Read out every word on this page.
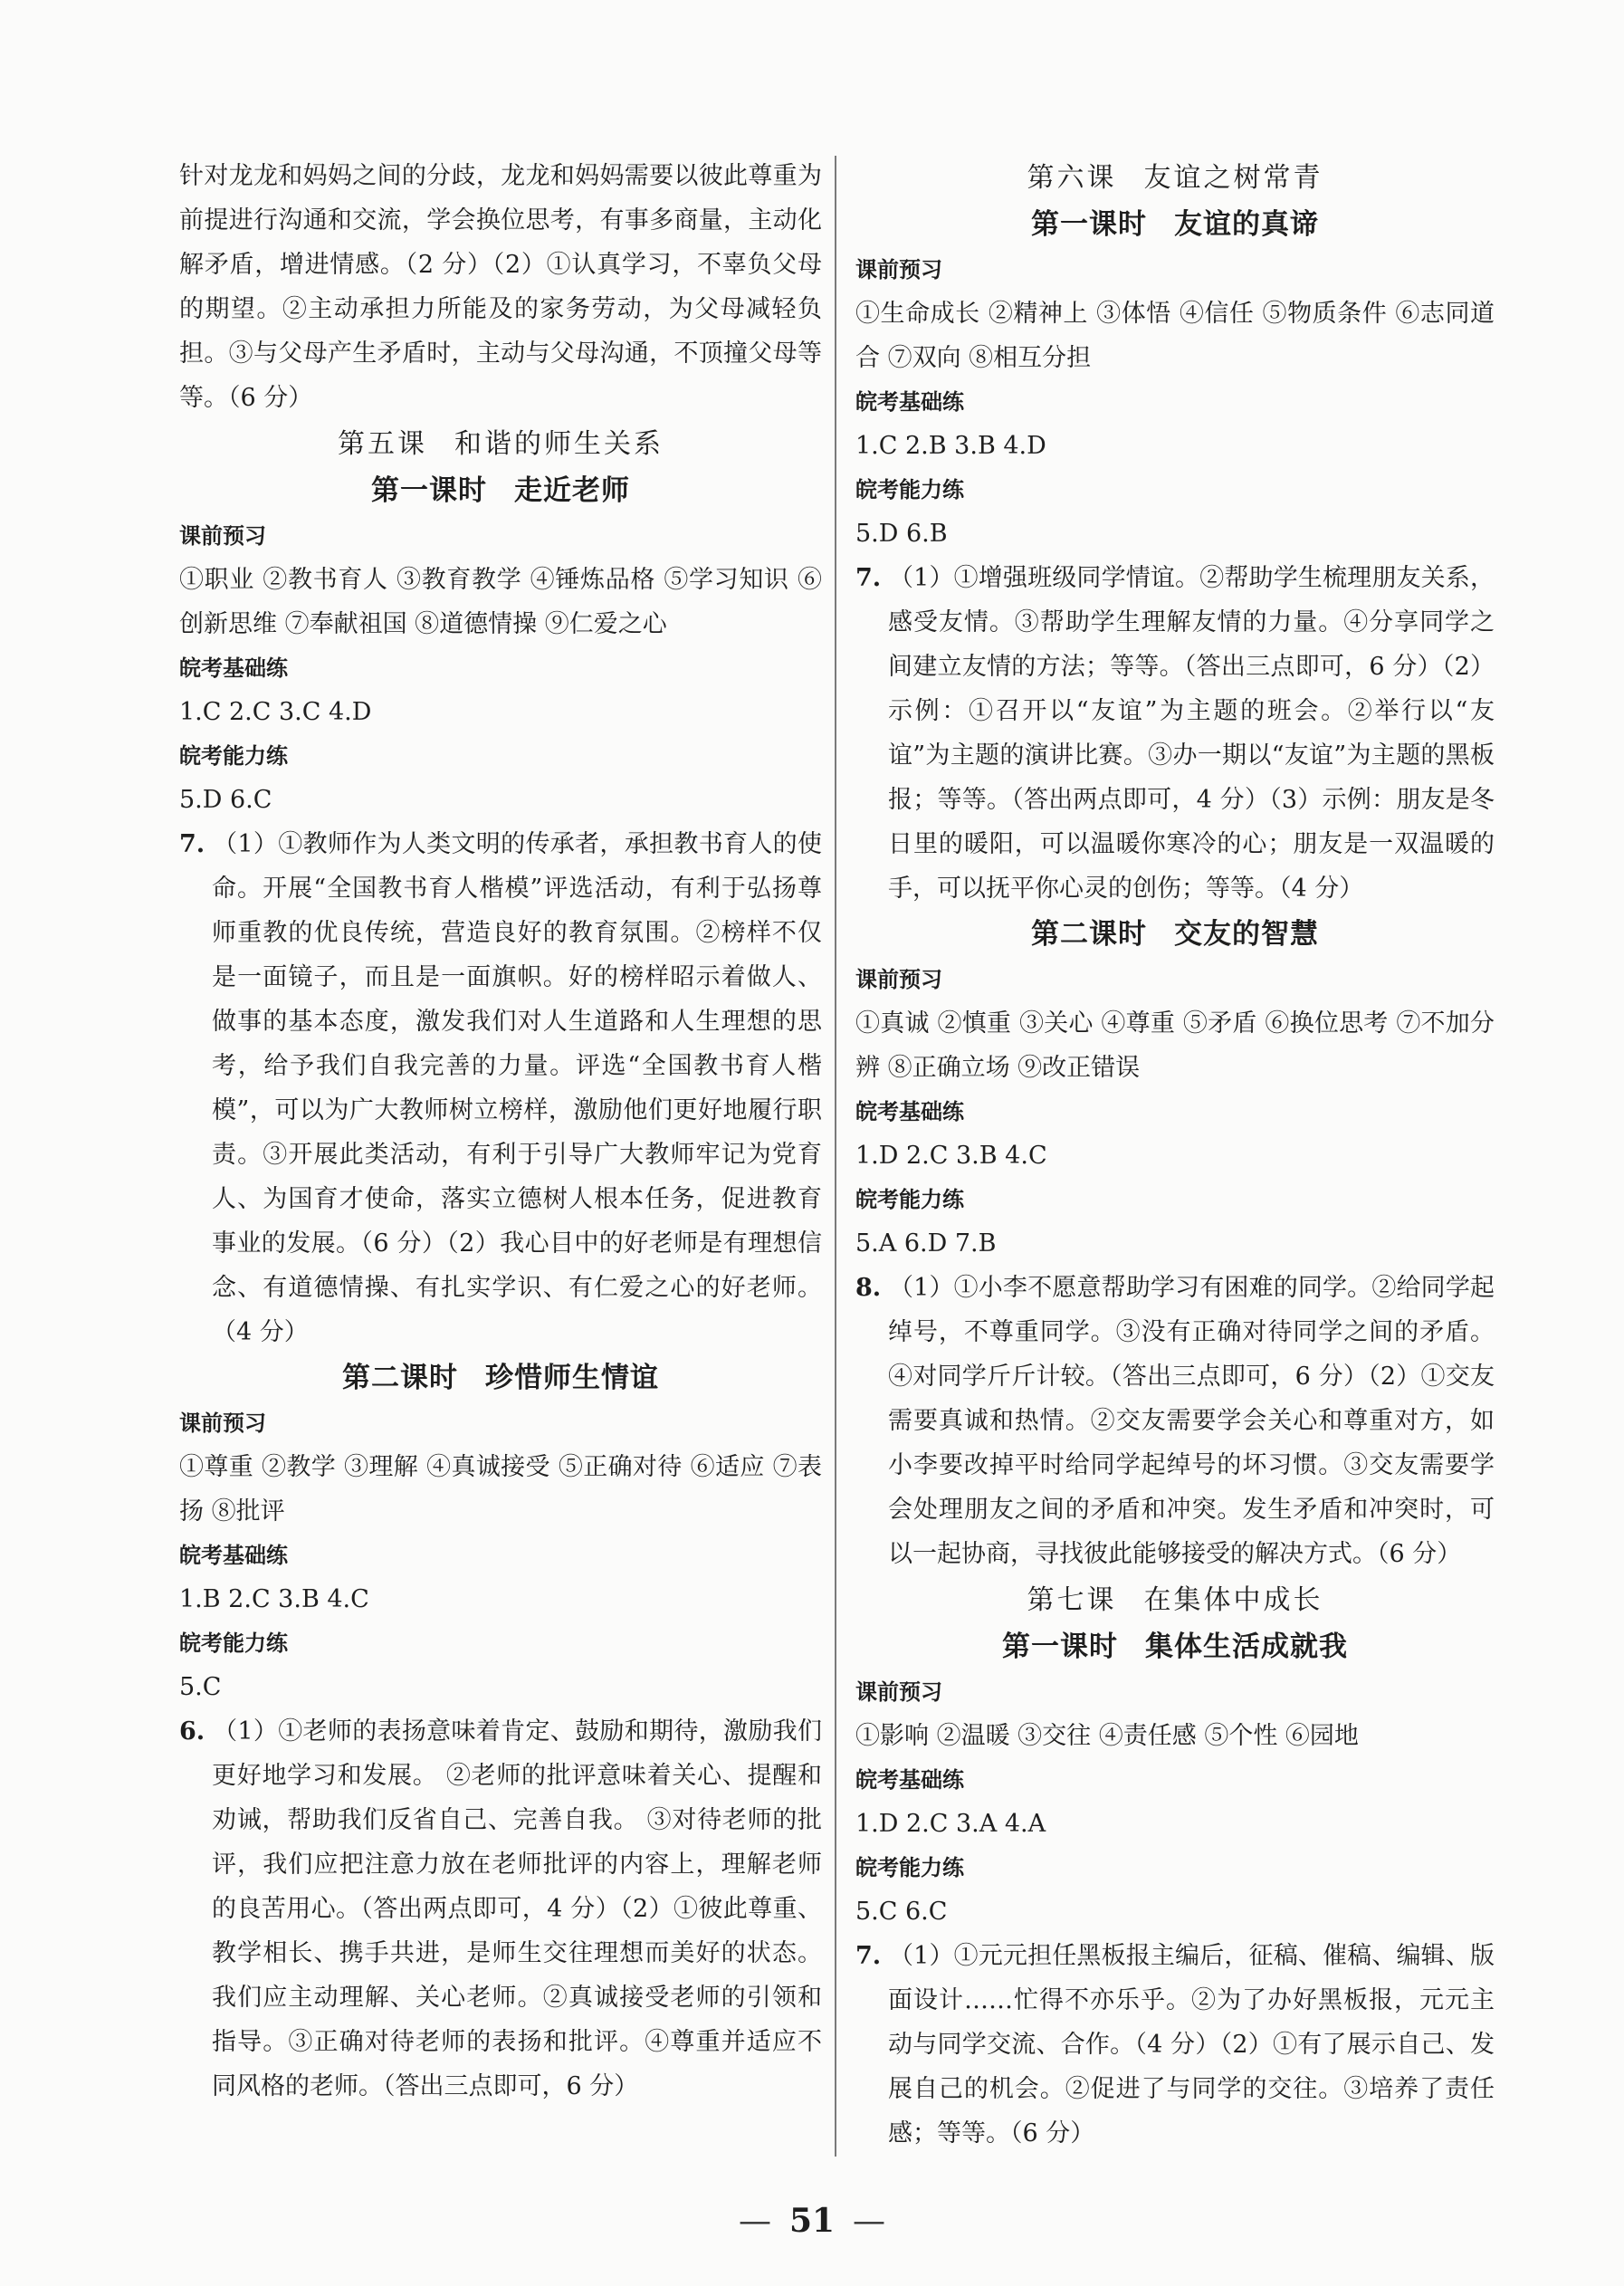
针对龙龙和妈妈之间的分歧，龙龙和妈妈需要以彼此尊重为前提进行沟通和交流，学会换位思考，有事多商量，主动化解矛盾，增进情感。（2 分）（2）①认真学习，不辜负父母的期望。②主动承担力所能及的家务劳动，为父母减轻负担。③与父母产生矛盾时，主动与父母沟通，不顶撞父母等等。（6 分）
第五课 和谐的师生关系
第一课时 走近老师
课前预习
①职业 ②教书育人 ③教育教学 ④锤炼品格 ⑤学习知识 ⑥创新思维 ⑦奉献祖国 ⑧道德情操 ⑨仁爱之心
皖考基础练
1.C 2.C 3.C 4.D
皖考能力练
5.D 6.C
7. （1）①教师作为人类文明的传承者，承担教书育人的使命。开展“全国教书育人楷模”评选活动，有利于弘扬尊师重教的优良传统，营造良好的教育氛围。②榜样不仅是一面镜子，而且是一面旗帜。好的榜样昭示着做人、做事的基本态度，激发我们对人生道路和人生理想的思考，给予我们自我完善的力量。评选“全国教书育人楷模”，可以为广大教师树立榜样，激励他们更好地履行职责。③开展此类活动，有利于引导广大教师牢记为党育人、为国育才使命，落实立德树人根本任务，促进教育事业的发展。（6 分）（2）我心目中的好老师是有理想信念、有道德情操、有扎实学识、有仁爱之心的好老师。（4 分）
第二课时 珍惜师生情谊
课前预习
①尊重 ②教学 ③理解 ④真诚接受 ⑤正确对待 ⑥适应 ⑦表扬 ⑧批评
皖考基础练
1.B 2.C 3.B 4.C
皖考能力练
5.C
6. （1）①老师的表扬意味着肯定、鼓励和期待，激励我们更好地学习和发展。 ②老师的批评意味着关心、提醒和劝诫，帮助我们反省自己、完善自我。 ③对待老师的批评，我们应把注意力放在老师批评的内容上，理解老师的良苦用心。（答出两点即可，4 分）（2）①彼此尊重、教学相长、携手共进，是师生交往理想而美好的状态。我们应主动理解、关心老师。②真诚接受老师的引领和指导。③正确对待老师的表扬和批评。④尊重并适应不同风格的老师。（答出三点即可，6 分）
第六课 友谊之树常青
第一课时 友谊的真谛
课前预习
①生命成长 ②精神上 ③体悟 ④信任 ⑤物质条件 ⑥志同道合 ⑦双向 ⑧相互分担
皖考基础练
1.C 2.B 3.B 4.D
皖考能力练
5.D 6.B
7. （1）①增强班级同学情谊。②帮助学生梳理朋友关系，感受友情。③帮助学生理解友情的力量。④分享同学之间建立友情的方法；等等。（答出三点即可，6 分）（2）示例：①召开以“友谊”为主题的班会。②举行以“友谊”为主题的演讲比赛。③办一期以“友谊”为主题的黑板报；等等。（答出两点即可，4 分）（3）示例：朋友是冬日里的暖阳，可以温暖你寒冷的心；朋友是一双温暖的手，可以抚平你心灵的创伤；等等。（4 分）
第二课时 交友的智慧
课前预习
①真诚 ②慎重 ③关心 ④尊重 ⑤矛盾 ⑥换位思考 ⑦不加分辨 ⑧正确立场 ⑨改正错误
皖考基础练
1.D 2.C 3.B 4.C
皖考能力练
5.A 6.D 7.B
8. （1）①小李不愿意帮助学习有困难的同学。②给同学起绰号，不尊重同学。③没有正确对待同学之间的矛盾。④对同学斤斤计较。（答出三点即可，6 分）（2）①交友需要真诚和热情。②交友需要学会关心和尊重对方，如小李要改掉平时给同学起绰号的坏习惯。③交友需要学会处理朋友之间的矛盾和冲突。发生矛盾和冲突时，可以一起协商，寻找彼此能够接受的解决方式。（6 分）
第七课 在集体中成长
第一课时 集体生活成就我
课前预习
①影响 ②温暖 ③交往 ④责任感 ⑤个性 ⑥园地
皖考基础练
1.D 2.C 3.A 4.A
皖考能力练
5.C 6.C
7. （1）①元元担任黑板报主编后，征稿、催稿、编辑、版面设计……忙得不亦乐乎。②为了办好黑板报，元元主动与同学交流、合作。（4 分）（2）①有了展示自己、发展自己的机会。②促进了与同学的交往。③培养了责任感；等等。（6 分）
— 51 —
